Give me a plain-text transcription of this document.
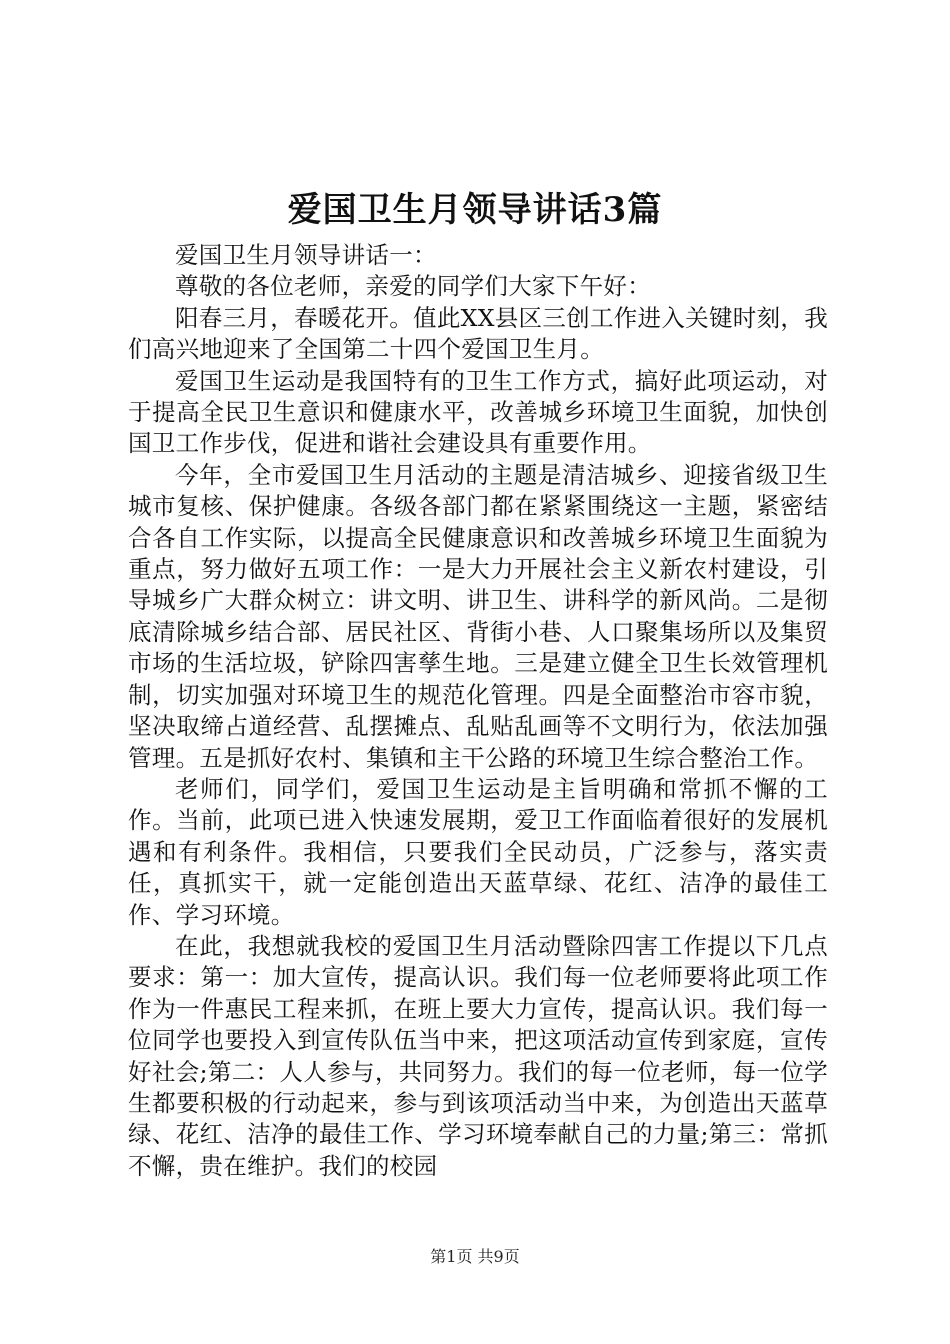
爱国卫生月领导讲话3篇

爱国卫生月领导讲话一：

尊敬的各位老师，亲爱的同学们大家下午好：

阳春三月，春暖花开。值此XX县区三创工作进入关键时刻，我们高兴地迎来了全国第二十四个爱国卫生月。

爱国卫生运动是我国特有的卫生工作方式，搞好此项运动，对于提高全民卫生意识和健康水平，改善城乡环境卫生面貌，加快创国卫工作步伐，促进和谐社会建设具有重要作用。

今年，全市爱国卫生月活动的主题是清洁城乡、迎接省级卫生城市复核、保护健康。各级各部门都在紧紧围绕这一主题，紧密结合各自工作实际，以提高全民健康意识和改善城乡环境卫生面貌为重点，努力做好五项工作：一是大力开展社会主义新农村建设，引导城乡广大群众树立：讲文明、讲卫生、讲科学的新风尚。二是彻底清除城乡结合部、居民社区、背街小巷、人口聚集场所以及集贸市场的生活垃圾，铲除四害孳生地。三是建立健全卫生长效管理机制，切实加强对环境卫生的规范化管理。四是全面整治市容市貌，坚决取缔占道经营、乱摆摊点、乱贴乱画等不文明行为，依法加强管理。五是抓好农村、集镇和主干公路的环境卫生综合整治工作。

老师们，同学们，爱国卫生运动是主旨明确和常抓不懈的工作。当前，此项已进入快速发展期，爱卫工作面临着很好的发展机遇和有利条件。我相信，只要我们全民动员，广泛参与，落实责任，真抓实干，就一定能创造出天蓝草绿、花红、洁净的最佳工作、学习环境。

在此，我想就我校的爱国卫生月活动暨除四害工作提以下几点要求：第一：加大宣传，提高认识。我们每一位老师要将此项工作作为一件惠民工程来抓，在班上要大力宣传，提高认识。我们每一位同学也要投入到宣传队伍当中来，把这项活动宣传到家庭，宣传好社会;第二：人人参与，共同努力。我们的每一位老师，每一位学生都要积极的行动起来，参与到该项活动当中来，为创造出天蓝草绿、花红、洁净的最佳工作、学习环境奉献自己的力量;第三：常抓不懈，贵在维护。我们的校园

第1页 共9页
